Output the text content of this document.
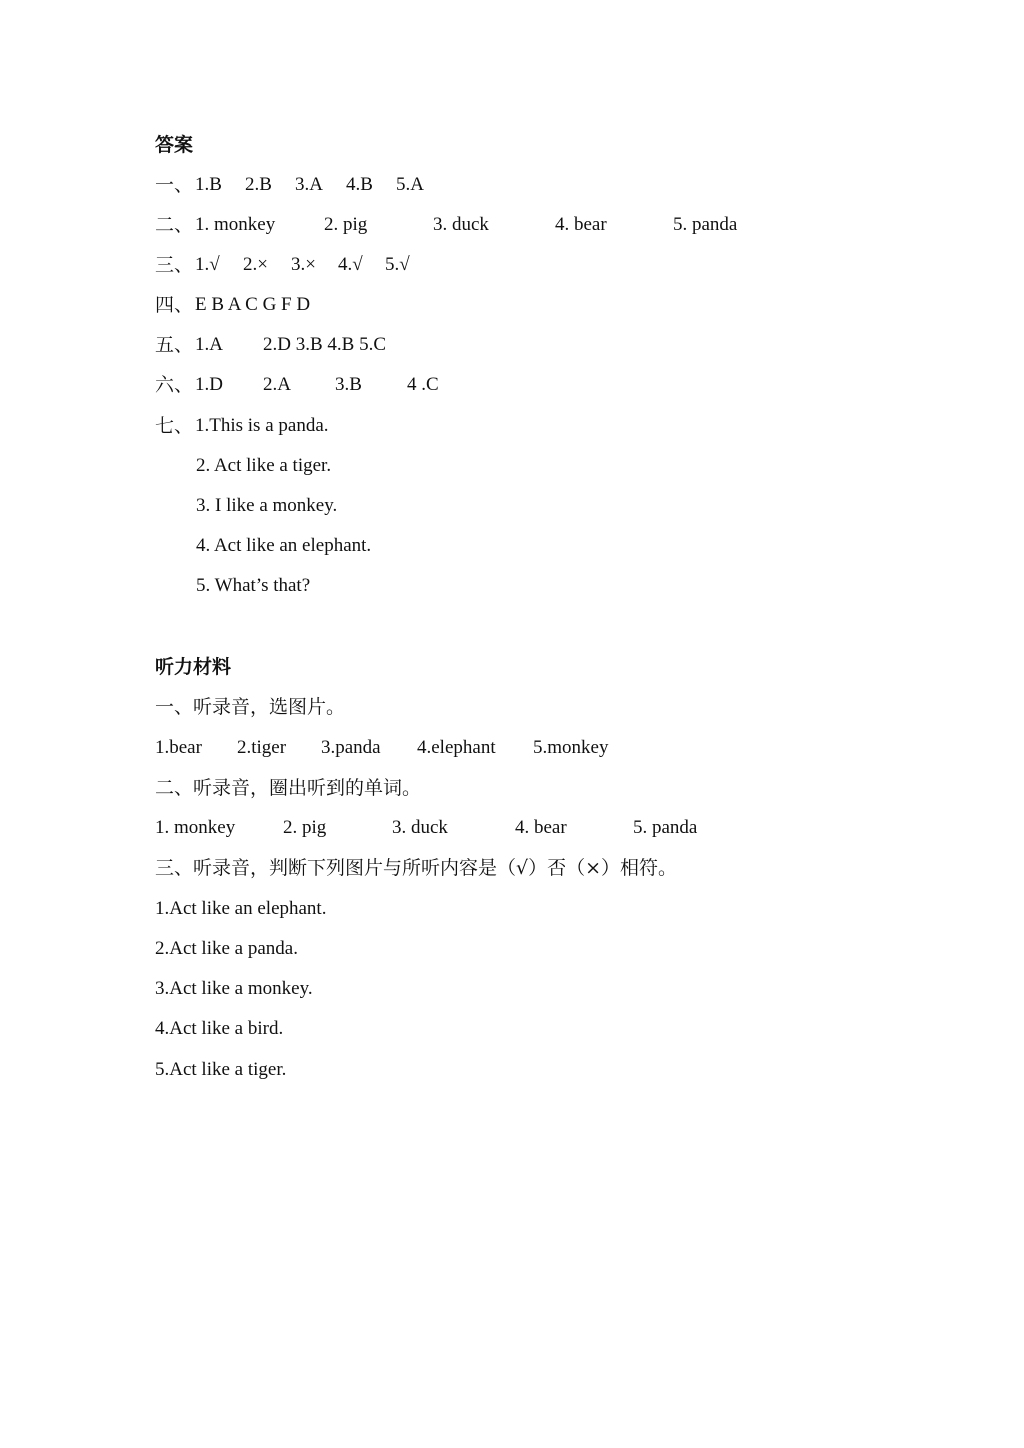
答案
一、 1.B 2.B 3.A 4.B 5.A
二、 1. monkey	2. pig	3. duck	4. bear	5. panda
三、 1.√ 2.× 3.× 4.√ 5.√
四、 E B A C G F D
五、 1.A 2.D 3.B 4.B 5.C
六、 1.D 2.A 3.B 4 .C
七、 1.This is a panda.
2. Act like a tiger.
3. I like a monkey.
4. Act like an elephant.
5. What’s that?
听力材料
一、听录音，选图片。
1.bear 2.tiger 3.panda 4.elephant 5.monkey
二、听录音，圈出听到的单词。
1. monkey	2. pig	3. duck	4. bear	5. panda
三、听录音，判断下列图片与所听内容是（√）否（×）相符。
1.Act like an elephant.
2.Act like a panda.
3.Act like a monkey.
4.Act like a bird.
5.Act like a tiger.
